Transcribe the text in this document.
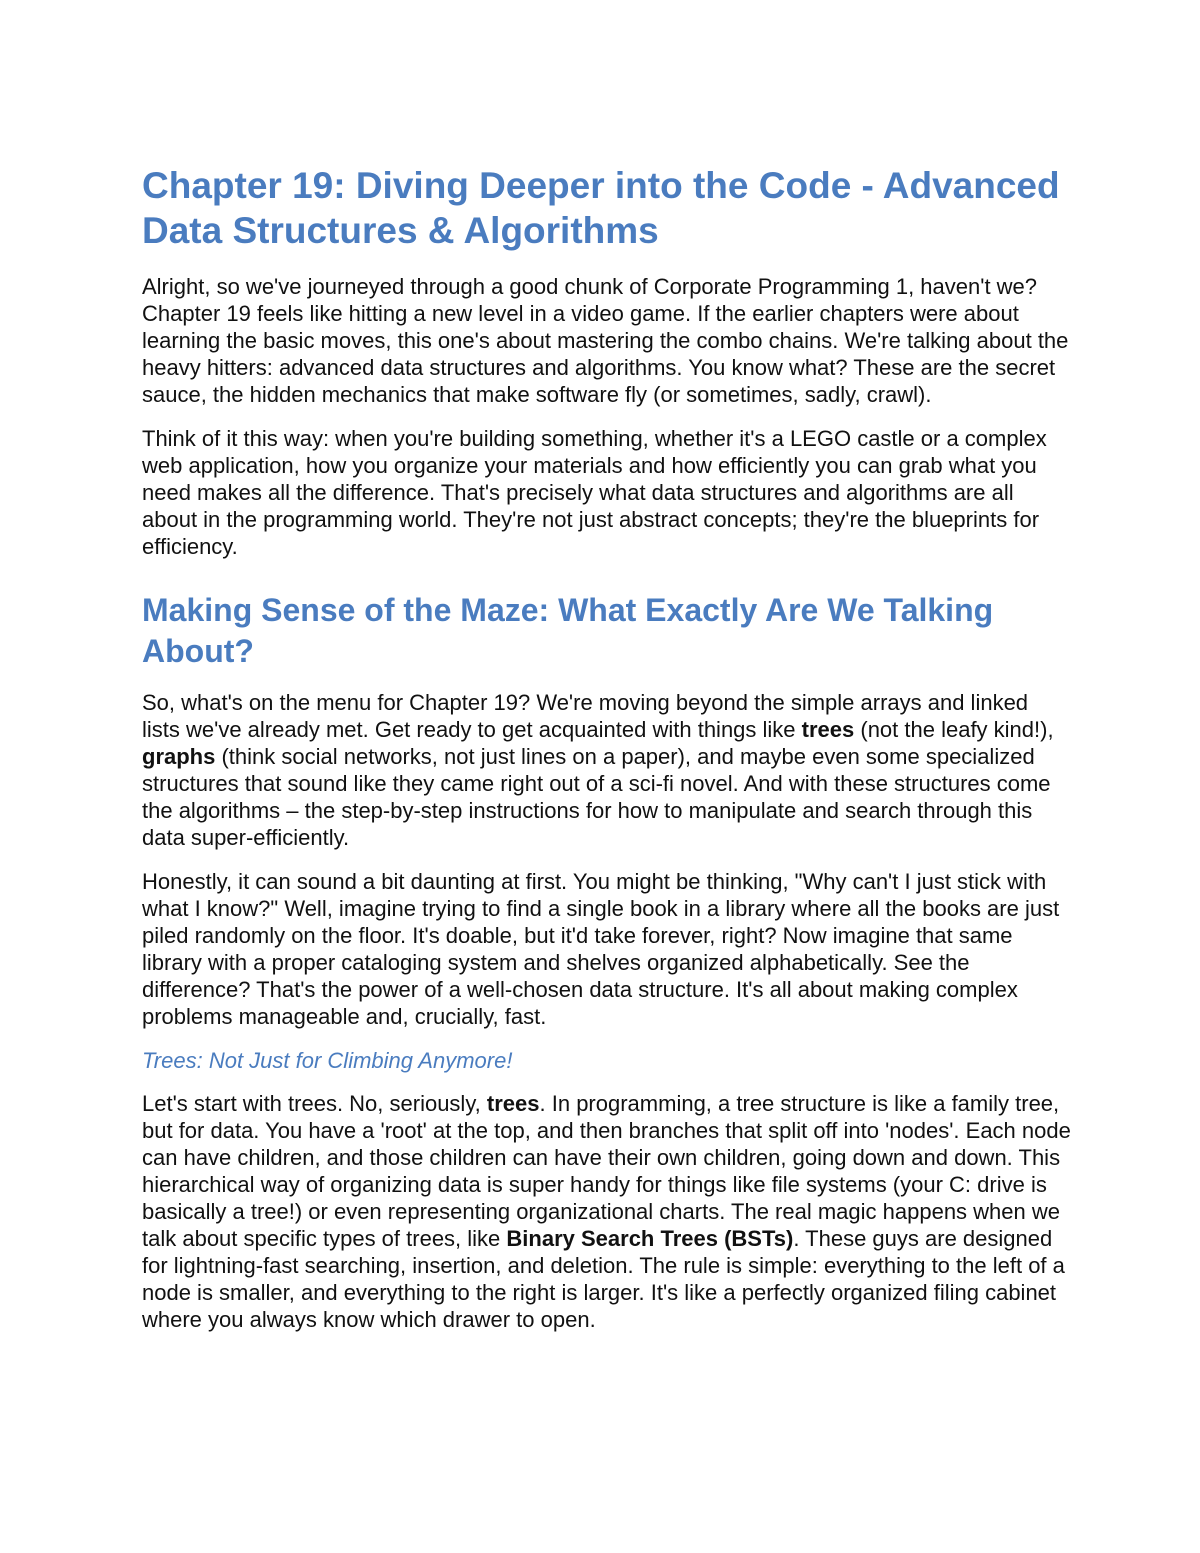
Chapter 19: Diving Deeper into the Code - Advanced Data Structures & Algorithms

Alright, so we've journeyed through a good chunk of Corporate Programming 1, haven't we? Chapter 19 feels like hitting a new level in a video game. If the earlier chapters were about learning the basic moves, this one's about mastering the combo chains. We're talking about the heavy hitters: advanced data structures and algorithms. You know what? These are the secret sauce, the hidden mechanics that make software fly (or sometimes, sadly, crawl).

Think of it this way: when you're building something, whether it's a LEGO castle or a complex web application, how you organize your materials and how efficiently you can grab what you need makes all the difference. That's precisely what data structures and algorithms are all about in the programming world. They're not just abstract concepts; they're the blueprints for efficiency.

Making Sense of the Maze: What Exactly Are We Talking About?

So, what's on the menu for Chapter 19? We're moving beyond the simple arrays and linked lists we've already met. Get ready to get acquainted with things like trees (not the leafy kind!), graphs (think social networks, not just lines on a paper), and maybe even some specialized structures that sound like they came right out of a sci-fi novel. And with these structures come the algorithms – the step-by-step instructions for how to manipulate and search through this data super-efficiently.

Honestly, it can sound a bit daunting at first. You might be thinking, "Why can't I just stick with what I know?" Well, imagine trying to find a single book in a library where all the books are just piled randomly on the floor. It's doable, but it'd take forever, right? Now imagine that same library with a proper cataloging system and shelves organized alphabetically. See the difference? That's the power of a well-chosen data structure. It's all about making complex problems manageable and, crucially, fast.

Trees: Not Just for Climbing Anymore!

Let's start with trees. No, seriously, trees. In programming, a tree structure is like a family tree, but for data. You have a 'root' at the top, and then branches that split off into 'nodes'. Each node can have children, and those children can have their own children, going down and down. This hierarchical way of organizing data is super handy for things like file systems (your C: drive is basically a tree!) or even representing organizational charts. The real magic happens when we talk about specific types of trees, like Binary Search Trees (BSTs). These guys are designed for lightning-fast searching, insertion, and deletion. The rule is simple: everything to the left of a node is smaller, and everything to the right is larger. It's like a perfectly organized filing cabinet where you always know which drawer to open.
